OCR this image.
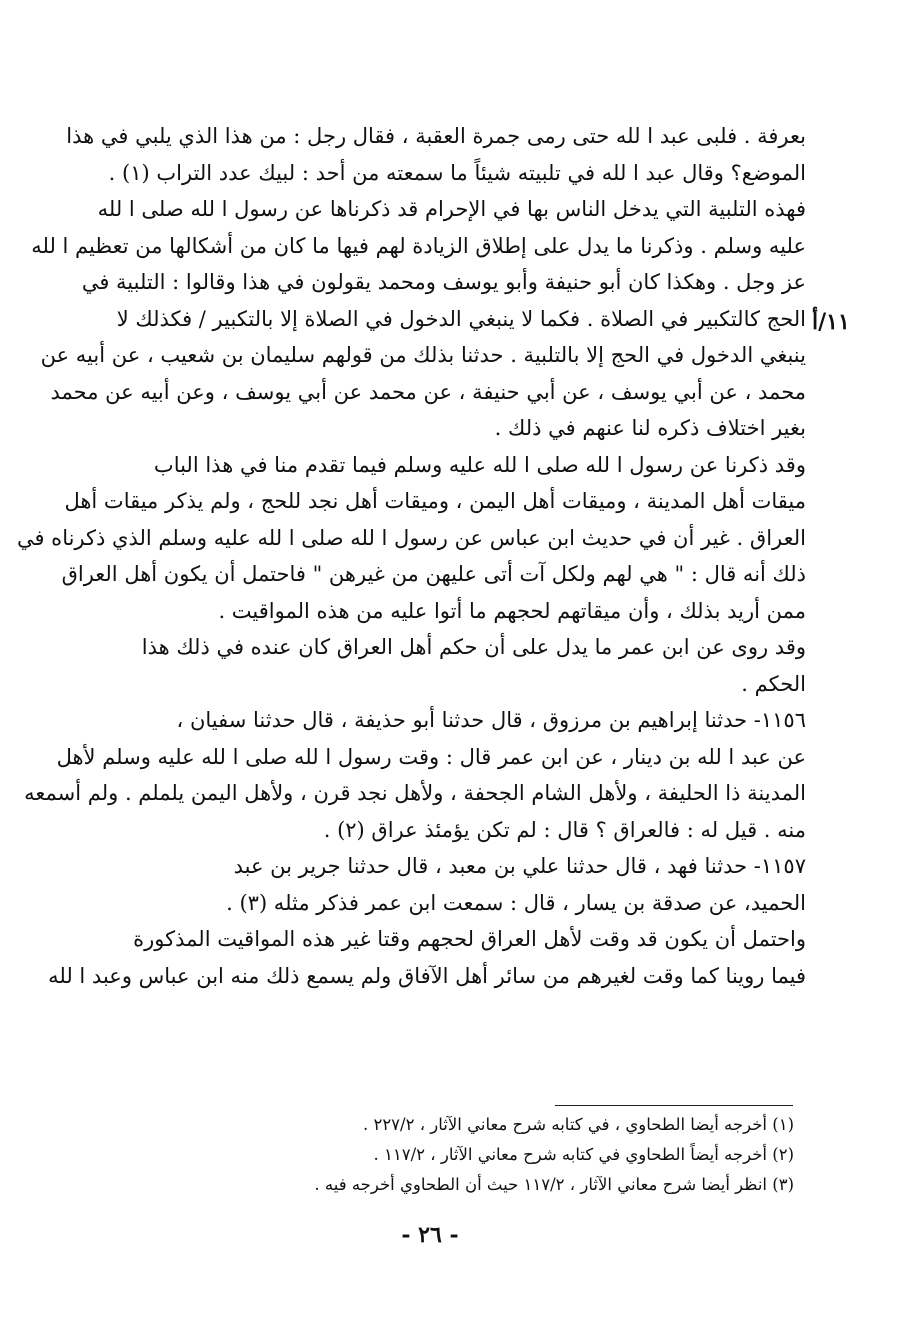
١١/أ
بعرفة . فلبى عبد ا لله حتى رمى جمرة العقبة ، فقال رجل : من هذا الذي يلبي في هذا
الموضع؟ وقال عبد ا لله في تلبيته شيئاً ما سمعته من أحد : لبيك عدد التراب (١) .
فهذه التلبية التي يدخل الناس بها في الإحرام قد ذكرناها عن رسول ا لله صلى ا لله
عليه وسلم . وذكرنا ما يدل على إطلاق الزيادة لهم فيها ما كان من أشكالها من تعظيم ا لله
عز وجل . وهكذا كان أبو حنيفة وأبو يوسف ومحمد يقولون في هذا وقالوا : التلبية في
الحج كالتكبير في الصلاة . فكما لا ينبغي الدخول في الصلاة إلا بالتكبير / فكذلك لا
ينبغي الدخول في الحج إلا بالتلبية . حدثنا بذلك من قولهم سليمان بن شعيب ، عن أبيه عن
محمد ، عن أبي يوسف ، عن أبي حنيفة ، عن محمد عن أبي يوسف ، وعن أبيه عن محمد
بغير اختلاف ذكره لنا عنهم في ذلك .
وقد ذكرنا عن رسول ا لله صلى ا لله عليه وسلم فيما تقدم منا في هذا الباب
ميقات أهل المدينة ، وميقات أهل اليمن ، وميقات أهل نجد للحج ، ولم يذكر ميقات أهل
العراق . غير أن في حديث ابن عباس عن رسول ا لله صلى ا لله عليه وسلم الذي ذكرناه في
ذلك أنه قال : " هي لهم ولكل آت أتى عليهن من غيرهن " فاحتمل أن يكون أهل العراق
ممن أريد بذلك ، وأن ميقاتهم لحجهم ما أتوا عليه من هذه المواقيت .
وقد روى عن ابن عمر ما يدل على أن حكم أهل العراق كان عنده في ذلك هذا
الحكم .
١١٥٦- حدثنا إبراهيم بن مرزوق ، قال حدثنا أبو حذيفة ، قال حدثنا سفيان ،
عن عبد ا لله بن دينار ، عن ابن عمر قال : وقت رسول ا لله صلى ا لله عليه وسلم لأهل
المدينة ذا الحليفة ، ولأهل الشام الجحفة ، ولأهل نجد قرن ، ولأهل اليمن يلملم . ولم أسمعه
منه . قيل له : فالعراق ؟ قال : لم تكن يؤمئذ عراق (٢) .
١١٥٧- حدثنا فهد ، قال حدثنا علي بن معبد ، قال حدثنا جرير بن عبد
الحميد، عن صدقة بن يسار ، قال : سمعت ابن عمر فذكر مثله (٣) .
واحتمل أن يكون قد وقت لأهل العراق لحجهم وقتا غير هذه المواقيت المذكورة
فيما روينا كما وقت لغيرهم من سائر أهل الآفاق ولم يسمع ذلك منه ابن عباس وعبد ا لله
(١) أخرجه أيضا الطحاوي ، في كتابه شرح معاني الآثار ، ٢٢٧/٢ .
(٢) أخرجه أيضاً الطحاوي في كتابه شرح معاني الآثار ، ١١٧/٢ .
(٣) انظر أيضا شرح معاني الآثار ، ١١٧/٢ حيث أن الطحاوي أخرجه فيه .
- ٢٦ -
